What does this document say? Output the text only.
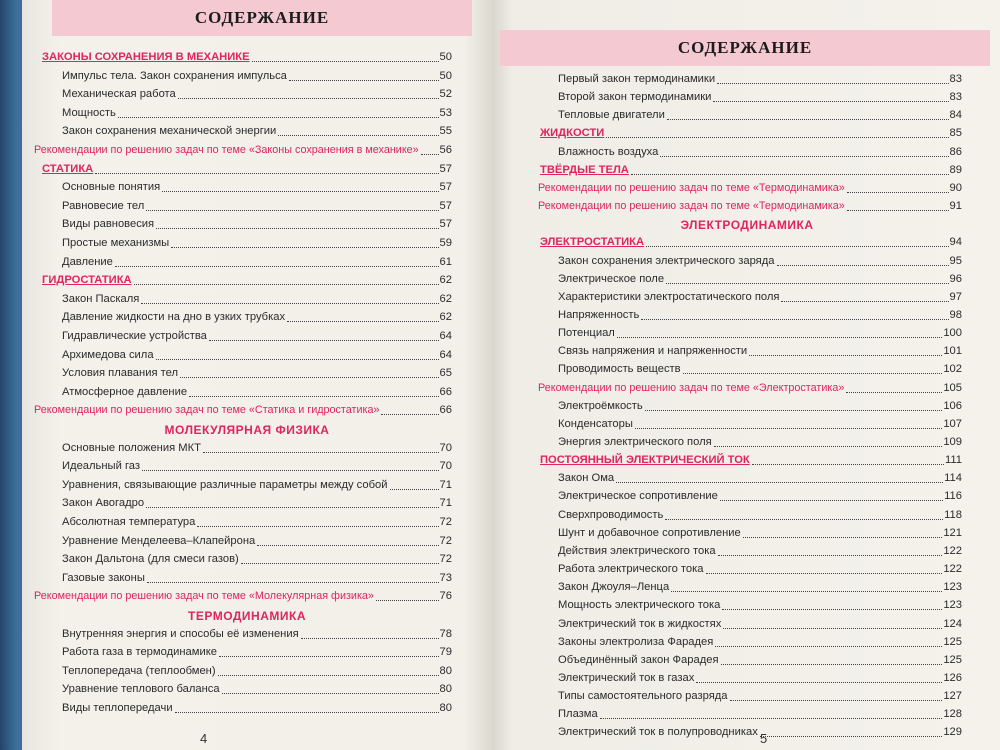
СОДЕРЖАНИЕ
ЗАКОНЫ СОХРАНЕНИЯ В МЕХАНИКЕ	50
Импульс тела. Закон сохранения импульса	50
Механическая работа	52
Мощность	53
Закон сохранения механической энергии	55
Рекомендации по решению задач по теме «Законы сохранения в механике» 56
СТАТИКА	57
Основные понятия	57
Равновесие тел	57
Виды равновесия	57
Простые механизмы	59
Давление	61
ГИДРОСТАТИКА	62
Закон Паскаля	62
Давление жидкости на дно в узких трубках	62
Гидравлические устройства	64
Архимедова сила	64
Условия плавания тел	65
Атмосферное давление	66
Рекомендации по решению задач по теме «Статика и гидростатика»	66
МОЛЕКУЛЯРНАЯ ФИЗИКА
Основные положения МКТ	70
Идеальный газ	70
Уравнения, связывающие различные параметры между собой	71
Закон Авогадро	71
Абсолютная температура	72
Уравнение Менделеева–Клапейрона	72
Закон Дальтона (для смеси газов)	72
Газовые законы	73
Рекомендации по решению задач по теме «Молекулярная физика»	76
ТЕРМОДИНАМИКА
Внутренняя энергия и способы её изменения	78
Работа газа в термодинамике	79
Теплопередача (теплообмен)	80
Уравнение теплового баланса	80
Виды теплопередачи	80
4
СОДЕРЖАНИЕ
Первый закон термодинамики	83
Второй закон термодинамики	83
Тепловые двигатели	84
ЖИДКОСТИ	85
Влажность воздуха	86
ТВЁРДЫЕ ТЕЛА	89
Рекомендации по решению задач по теме «Термодинамика»	90
Рекомендации по решению задач по теме «Термодинамика»	91
ЭЛЕКТРОДИНАМИКА
ЭЛЕКТРОСТАТИКА	94
Закон сохранения электрического заряда	95
Электрическое поле	96
Характеристики электростатического поля	97
Напряженность	98
Потенциал	100
Связь напряжения и напряженности	101
Проводимость веществ	102
Рекомендации по решению задач по теме «Электростатика»	105
Электроёмкость	106
Конденсаторы	107
Энергия электрического поля	109
ПОСТОЯННЫЙ ЭЛЕКТРИЧЕСКИЙ ТОК	111
Закон Ома	114
Электрическое сопротивление	116
Сверхпроводимость	118
Шунт и добавочное сопротивление	121
Действия электрического тока	122
Работа электрического тока	122
Закон Джоуля–Ленца	123
Мощность электрического тока	123
Электрический ток в жидкостях	124
Законы электролиза Фарадея	125
Объединённый закон Фарадея	125
Электрический ток в газах	126
Типы самостоятельного разряда	127
Плазма	128
Электрический ток в полупроводниках	129
5
